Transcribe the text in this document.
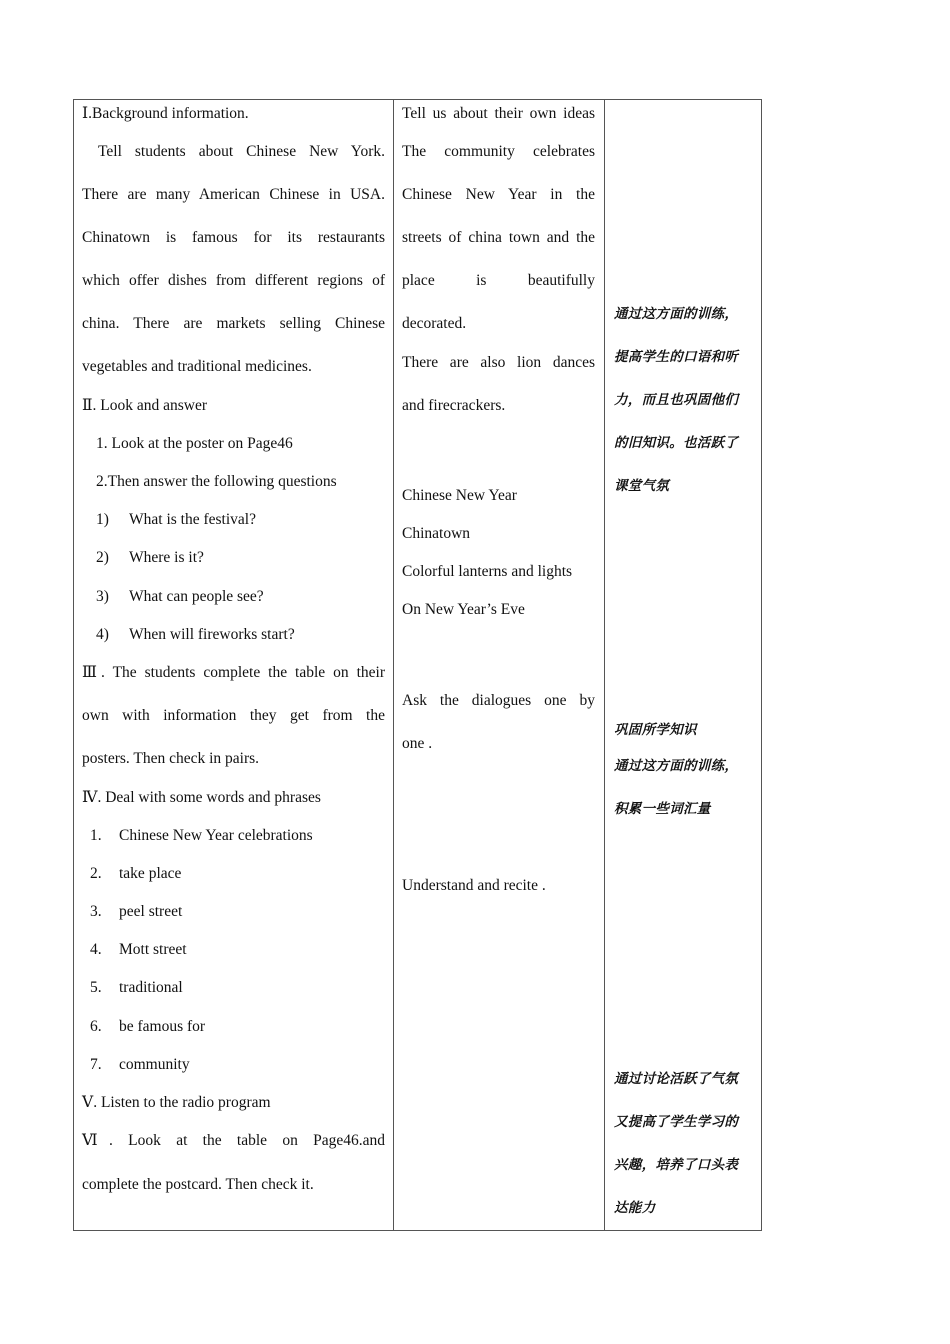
Ⅰ.Background information.
Tell students about Chinese New York.
There are many American Chinese in USA.
Chinatown is famous for its restaurants
which offer dishes from different regions of
china. There are markets selling Chinese
vegetables and traditional medicines.
Ⅱ. Look and answer
1. Look at the poster on Page46
2.Then answer the following questions
1) What is the festival?
2) Where is it?
3) What can people see?
4) When will fireworks start?
Ⅲ. The students complete the table on their
own with information they get from the
posters. Then check in pairs.
Ⅳ. Deal with some words and phrases
1. Chinese New Year celebrations
2. take place
3. peel street
4. Mott street
5. traditional
6. be famous for
7. community
Ⅴ. Listen to the radio program
Ⅵ. Look at the table on Page46.and
complete the postcard. Then check it.
Tell us about their own ideas
The community celebrates
Chinese New Year in the
streets of china town and the
place is beautifully
decorated.
There are also lion dances
and firecrackers.
Chinese New Year
Chinatown
Colorful lanterns and lights
On New Year’s Eve
Ask the dialogues one by
one .
Understand and recite .
通过这方面的训练，
提高学生的口语和听
力，而且也巩固他们
的旧知识。也活跃了
课堂气氛
巩固所学知识
通过这方面的训练，
积累一些词汇量
通过讨论活跃了气氛
又提高了学生学习的
兴趣，培养了口头表
达能力
